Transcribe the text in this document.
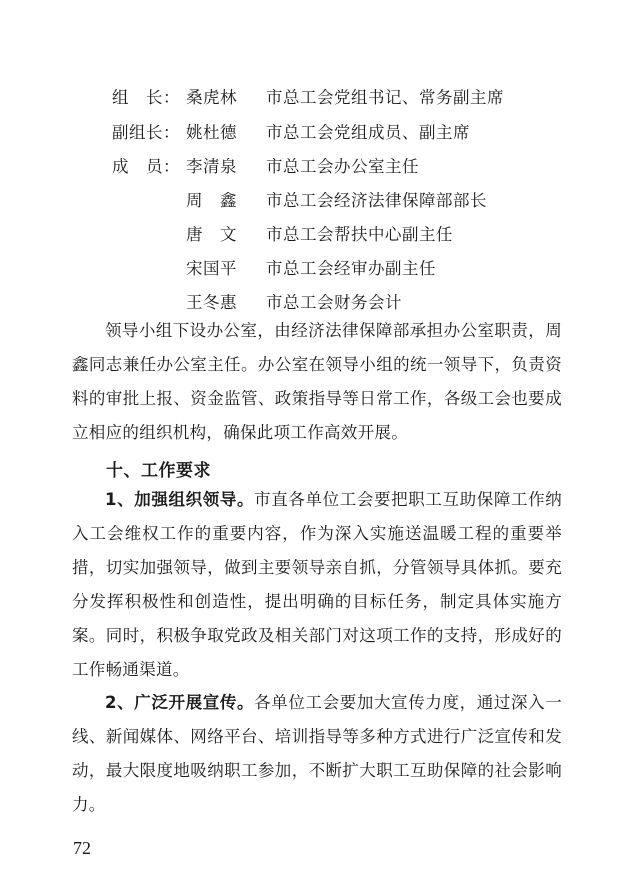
组　长： 桑虎林 市总工会党组书记、常务副主席
副组长： 姚杜德 市总工会党组成员、副主席
成　员： 李清泉 市总工会办公室主任
周　鑫 市总工会经济法律保障部部长
唐　文 市总工会帮扶中心副主任
宋国平 市总工会经审办副主任
王冬惠 市总工会财务会计

领导小组下设办公室，由经济法律保障部承担办公室职责，周鑫同志兼任办公室主任。办公室在领导小组的统一领导下，负责资料的审批上报、资金监管、政策指导等日常工作，各级工会也要成立相应的组织机构，确保此项工作高效开展。

十、工作要求

1、加强组织领导。市直各单位工会要把职工互助保障工作纳入工会维权工作的重要内容，作为深入实施送温暖工程的重要举措，切实加强领导，做到主要领导亲自抓，分管领导具体抓。要充分发挥积极性和创造性，提出明确的目标任务，制定具体实施方案。同时，积极争取党政及相关部门对这项工作的支持，形成好的工作畅通渠道。

2、广泛开展宣传。各单位工会要加大宣传力度，通过深入一线、新闻媒体、网络平台、培训指导等多种方式进行广泛宣传和发动，最大限度地吸纳职工参加，不断扩大职工互助保障的社会影响力。

72
